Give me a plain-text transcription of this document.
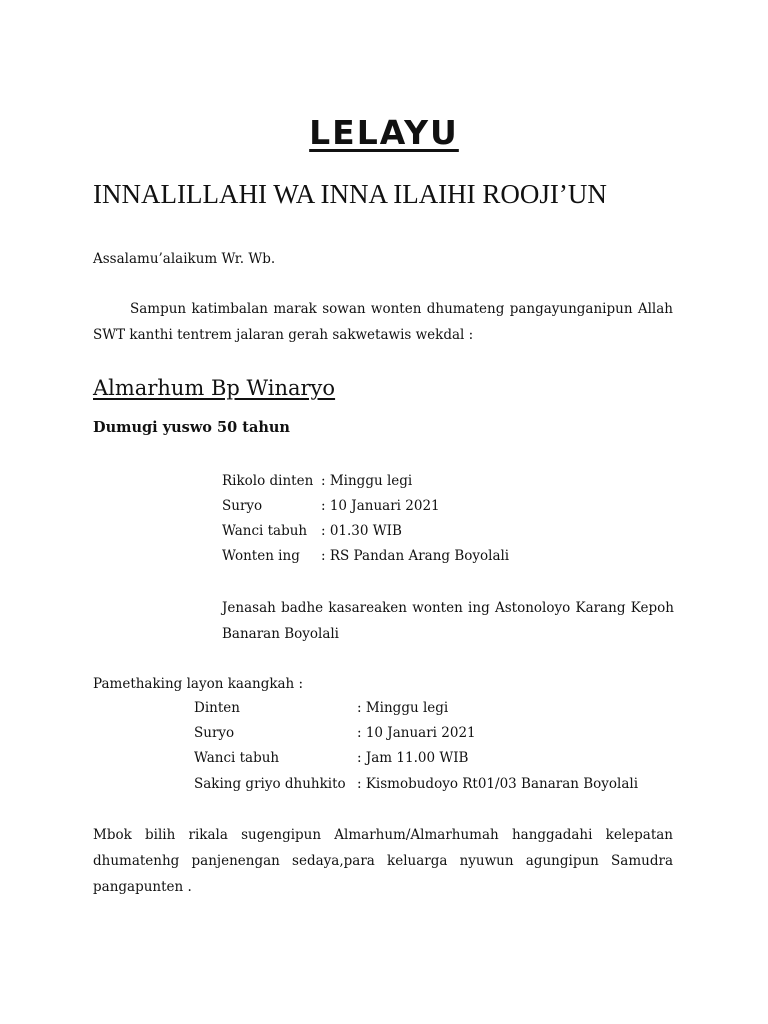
LELAYU
INNALILLAHI WA INNA ILAIHI ROOJI’UN
Assalamu’alaikum Wr. Wb.
Sampun katimbalan marak sowan wonten dhumateng pangayunganipun Allah SWT kanthi tentrem jalaran gerah sakwetawis wekdal :
Almarhum Bp Winaryo
Dumugi yuswo 50 tahun
Rikolo dinten : Minggu legi
Suryo	: 10 Januari 2021
Wanci tabuh : 01.30 WIB
Wonten ing : RS Pandan Arang Boyolali
Jenasah badhe kasareaken wonten ing Astonoloyo Karang Kepoh Banaran Boyolali
Pamethaking layon kaangkah :
Dinten	: Minggu legi
Suryo	: 10 Januari 2021
Wanci tabuh	: Jam 11.00 WIB
Saking griyo dhuhkito : Kismobudoyo Rt01/03 Banaran Boyolali
Mbok bilih rikala sugengipun Almarhum/Almarhumah hanggadahi kelepatan dhumatenhg panjenengan sedaya,para keluarga nyuwun agungipun Samudra pangapunten .
